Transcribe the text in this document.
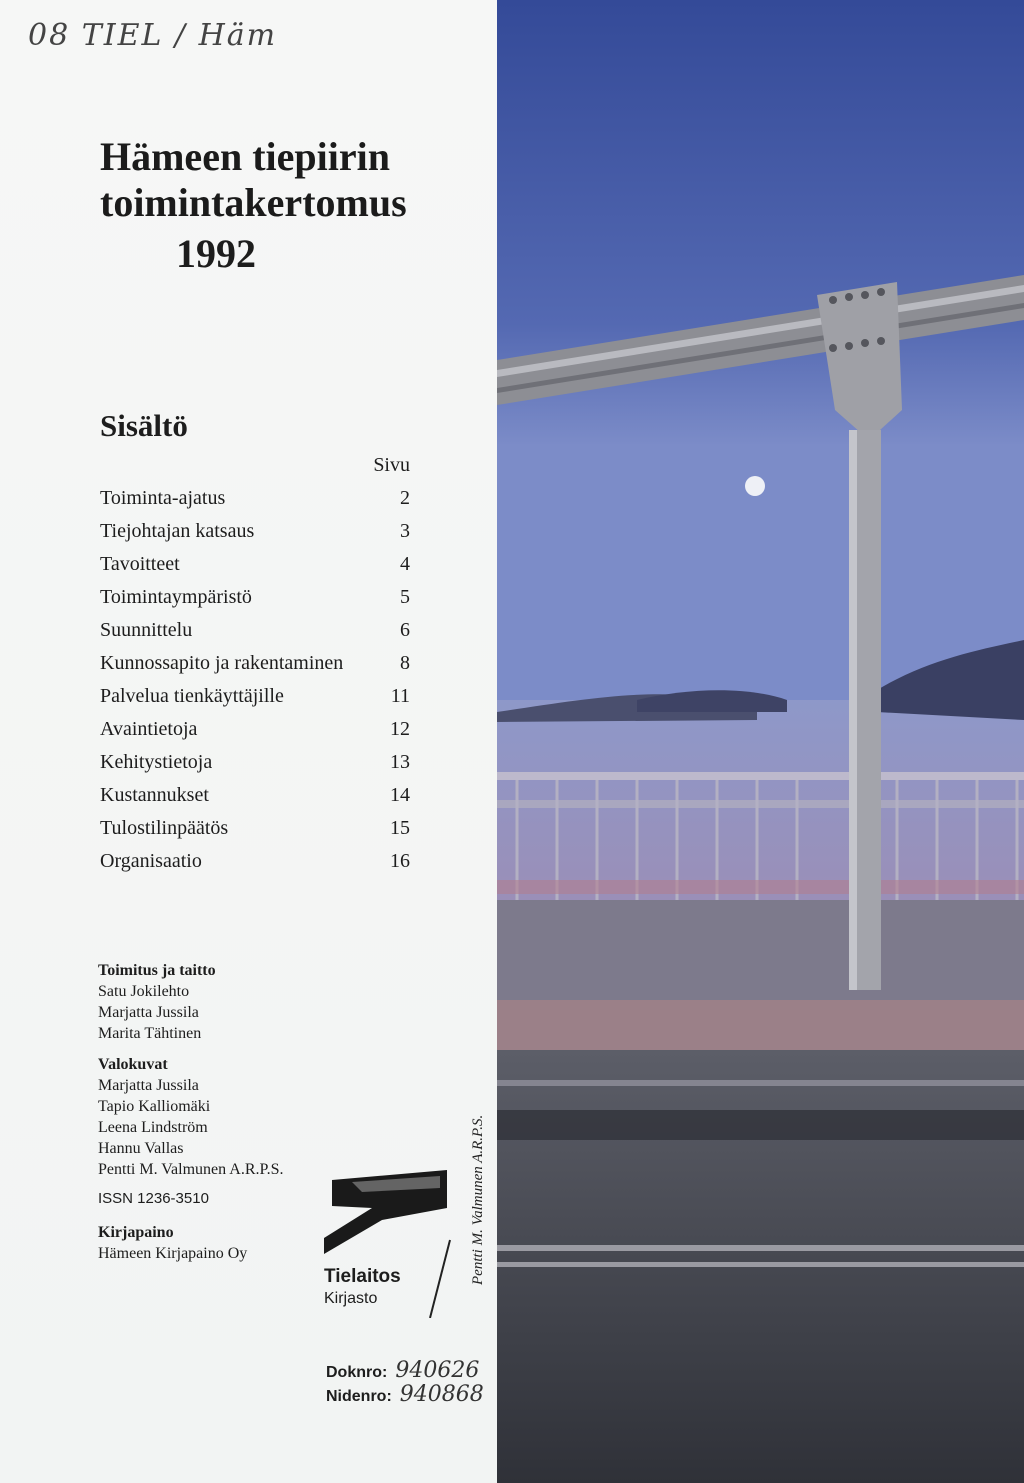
08 TIEL / Häm
Hämeen tiepiirin
toimintakertomus
1992
Sisältö
Sivu
Toiminta-ajatus	2
Tiejohtajan katsaus	3
Tavoitteet	4
Toimintaympäristö	5
Suunnittelu	6
Kunnossapito ja rakentaminen	8
Palvelua tienkäyttäjille	11
Avaintietoja	12
Kehitystietoja	13
Kustannukset	14
Tulostilinpäätös	15
Organisaatio	16
Toimitus ja taitto
Satu Jokilehto
Marjatta Jussila
Marita Tähtinen
Valokuvat
Marjatta Jussila
Tapio Kalliomäki
Leena Lindström
Hannu Vallas
Pentti M. Valmunen A.R.P.S.
ISSN 1236-3510
Kirjapaino
Hämeen Kirjapaino Oy
Tielaitos
Kirjasto
Doknro: 940626
Nidenro: 940868
Pentti M. Valmunen A.R.P.S.
